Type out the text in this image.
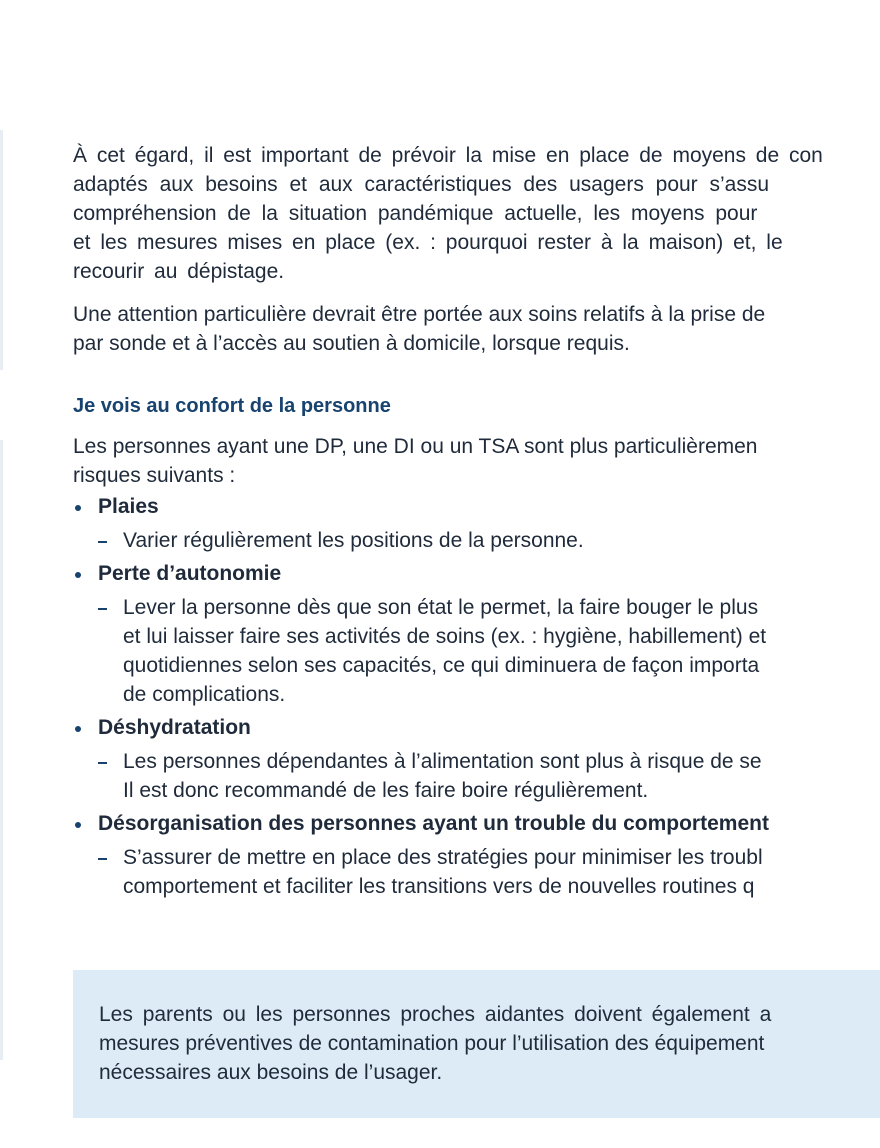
À cet égard, il est important de prévoir la mise en place de moyens de con

adaptés aux besoins et aux caractéristiques des usagers pour s’assu

compréhension de la situation pandémique actuelle, les moyens pour

et les mesures mises en place (ex. : pourquoi rester à la maison) et, le

recourir au dépistage.

Une attention particulière devrait être portée aux soins relatifs à la prise de

par sonde et à l’accès au soutien à domicile, lorsque requis.

Je vois au confort de la personne

Les personnes ayant une DP, une DI ou un TSA sont plus particulièremen

risques suivants :

Plaies

Varier régulièrement les positions de la personne.

Perte d’autonomie

Lever la personne dès que son état le permet, la faire bouger le plus

et lui laisser faire ses activités de soins (ex. : hygiène, habillement) et

quotidiennes selon ses capacités, ce qui diminuera de façon importa

de complications.

Déshydratation

Les personnes dépendantes à l’alimentation sont plus à risque de se

Il est donc recommandé de les faire boire régulièrement.

Désorganisation des personnes ayant un trouble du comportement

S’assurer de mettre en place des stratégies pour minimiser les troubl

comportement et faciliter les transitions vers de nouvelles routines q

Les parents ou les personnes proches aidantes doivent également a

mesures préventives de contamination pour l’utilisation des équipement

nécessaires aux besoins de l’usager.
